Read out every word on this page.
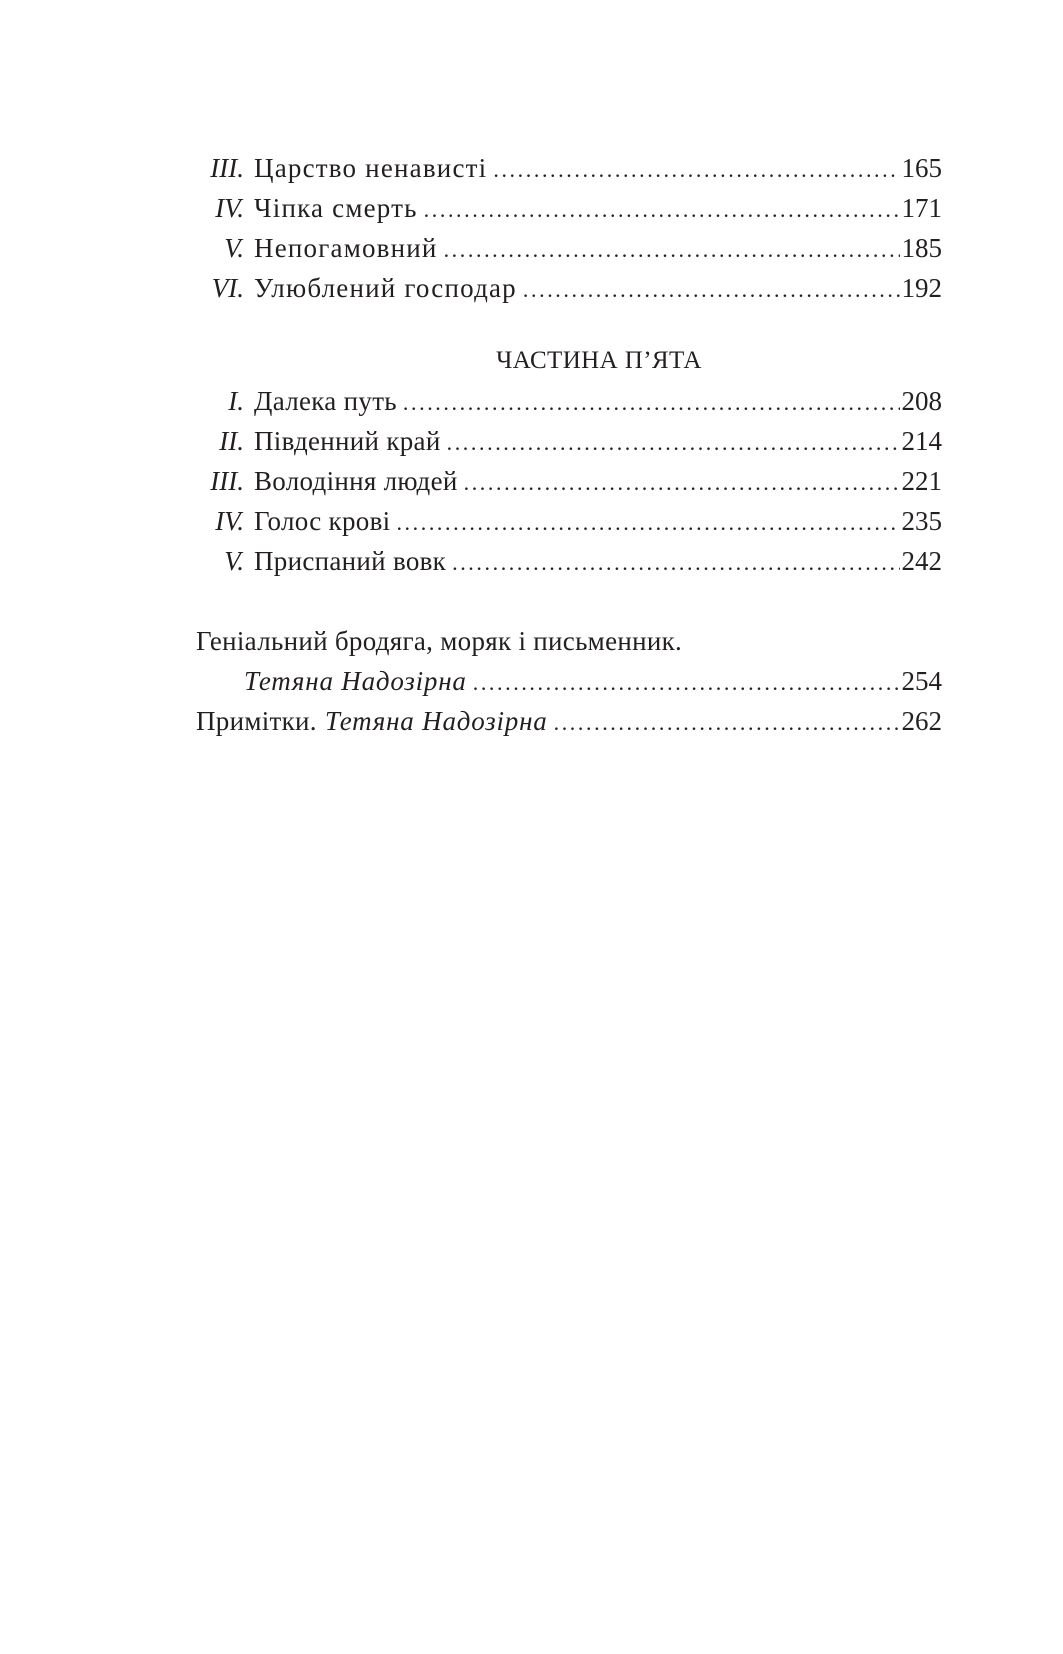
III. Царство ненависті .....	165
IV. Чіпка смерть .....	171
V. Непогамовний .....	185
VI. Улюблений господар .....	192
ЧАСТИНА П’ЯТА
I. Далека путь .....	208
II. Південний край .....	214
III. Володіння людей .....	221
IV. Голос крові .....	235
V. Приспаний вовк .....	242
Геніальний бродяга, моряк і письменник.
Тетяна Надозірна .....	254
Примітки. Тетяна Надозірна .....	262
